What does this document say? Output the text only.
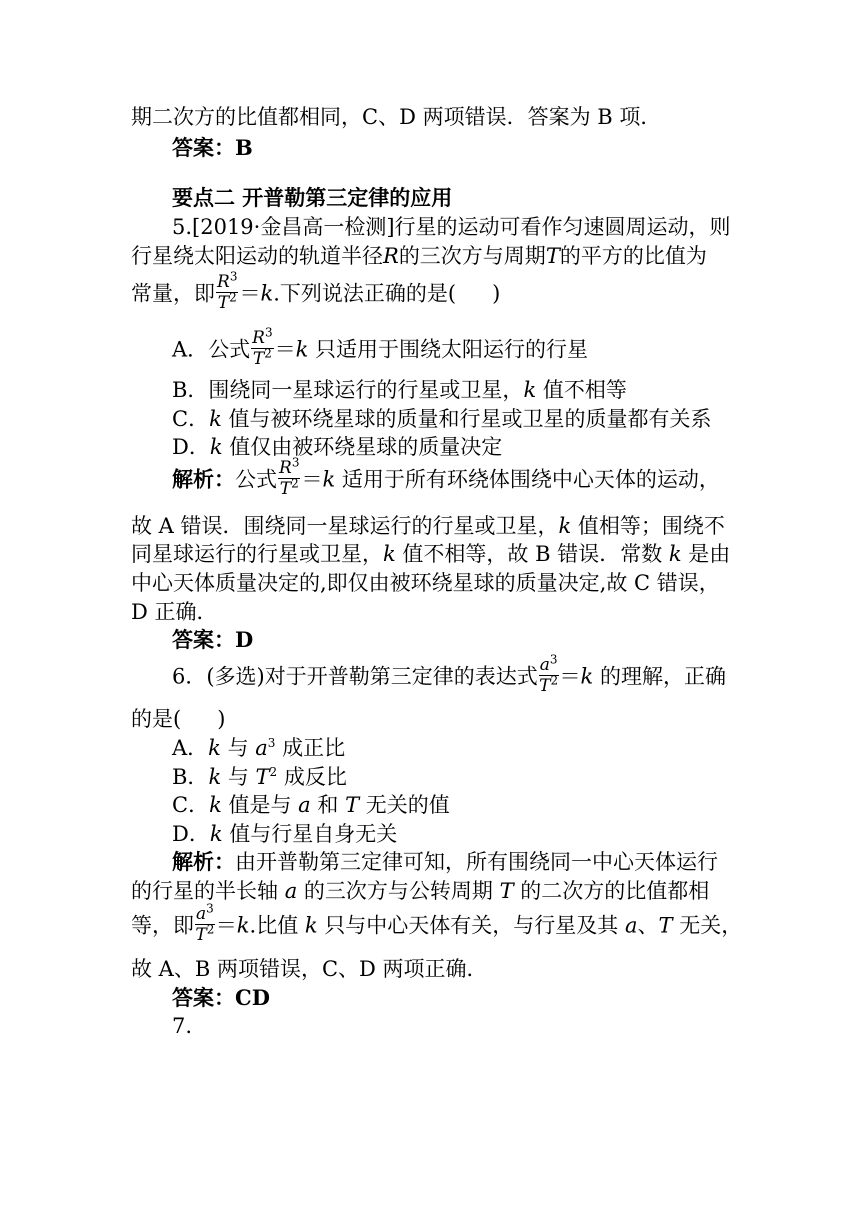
期二次方的比值都相同，C、D 两项错误．答案为 B 项．
答案：B
要点二 开普勒第三定律的应用
5.[2019·金昌高一检测]行星的运动可看作匀速圆周运动，则
行星绕太阳运动的轨道半径R的三次方与周期T的平方的比值为
常量，即 $\frac{R^3}{T^2} =k$.下列说法正确的是( )
A．公式 $\frac{R^3}{T^2} =k$ 只适用于围绕太阳运行的行星
B．围绕同一星球运行的行星或卫星，k 值不相等
C．k 值与被环绕星球的质量和行星或卫星的质量都有关系
D．k 值仅由被环绕星球的质量决定
解析：公式 $\frac{R^3}{T^2} =k$ 适用于所有环绕体围绕中心天体的运动，
故 A 错误．围绕同一星球运行的行星或卫星，k 值相等；围绕不
同星球运行的行星或卫星，k 值不相等，故 B 错误．常数 k 是由
中心天体质量决定的,即仅由被环绕星球的质量决定,故 C 错误，
D 正确．
答案：D
6．(多选)对于开普勒第三定律的表达式 $\frac{a^3}{T^2} =k$ 的理解，正确
的是( )
A．k 与 $a^3$ 成正比
B．k 与 $T^2$ 成反比
C．k 值是与 a 和 T 无关的值
D．k 值与行星自身无关
解析：由开普勒第三定律可知，所有围绕同一中心天体运行
的行星的半长轴 a 的三次方与公转周期 T 的二次方的比值都相
等，即 $\frac{a^3}{T^2} =k$.比值 k 只与中心天体有关，与行星及其 a、T 无关，
故 A、B 两项错误，C、D 两项正确．
答案：CD
7.
